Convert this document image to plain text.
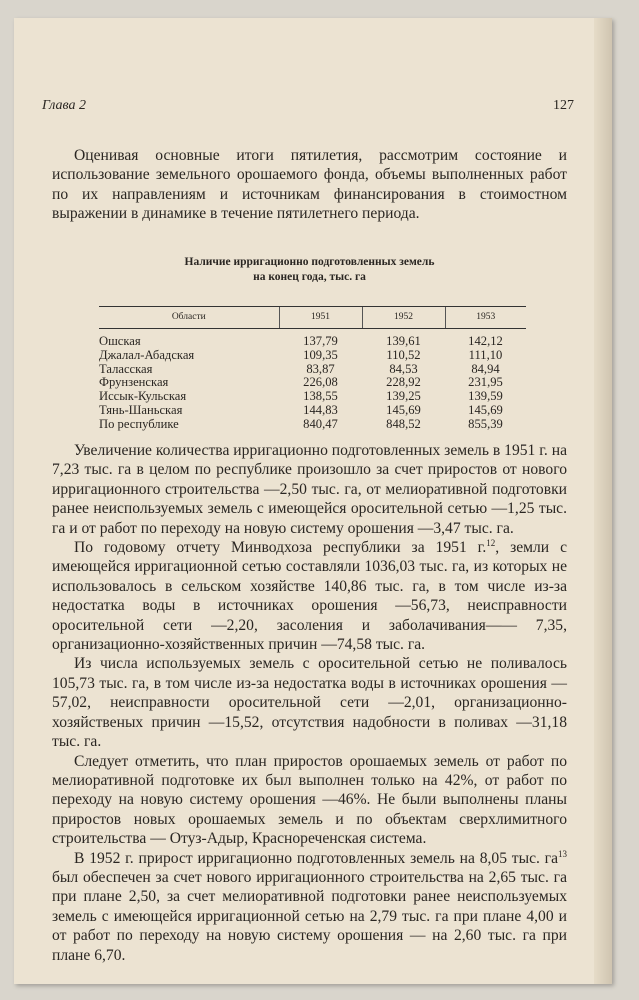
Глава 2	127

Оценивая основные итоги пятилетия, рассмотрим состояние и использование земельного орошаемого фонда, объемы выполненных работ по их направлениям и источникам финансирования в стоимостном выражении в динамике в течение пятилетнего периода.

Наличие ирригационно подготовленных земель
на конец года, тыс. га
Области	1951	1952	1953
Ошская	137,79	139,61	142,12
Джалал-Абадская	109,35	110,52	111,10
Таласская	83,87	84,53	84,94
Фрунзенская	226,08	228,92	231,95
Иссык-Кульская	138,55	139,25	139,59
Тянь-Шаньская	144,83	145,69	145,69
По республике	840,47	848,52	855,39

Увеличение количества ирригационно подготовленных земель в 1951 г. на 7,23 тыс. га в целом по республике произошло за счет приростов от нового ирригационного строительства —2,50 тыс. га, от мелиоративной подготовки ранее неиспользуемых земель с имеющейся оросительной сетью —1,25 тыс. га и от работ по переходу на новую систему орошения —3,47 тыс. га.

По годовому отчету Минводхоза республики за 1951 г.$^{12}$, земли с имеющейся ирригационной сетью составляли 1036,03 тыс. га, из которых не использовалось в сельском хозяйстве 140,86 тыс. га, в том числе из-за недостатка воды в источниках орошения —56,73, неисправности оросительной сети —2,20, засоления и заболачивания—— 7,35, организационно-хозяйственных причин —74,58 тыс. га.

Из числа используемых земель с оросительной сетью не поливалось 105,73 тыс. га, в том числе из-за недостатка воды в источниках орошения — 57,02, неисправности оросительной сети —2,01, организационно-хозяйственых причин —15,52, отсутствия надобности в поливах —31,18 тыс. га.

Следует отметить, что план приростов орошаемых земель от работ по мелиоративной подготовке их был выполнен только на 42%, от работ по переходу на новую систему орошения —46%. Не были выполнены планы приростов новых орошаемых земель и по объектам сверхлимитного строительства — Отуз-Адыр, Краснореченская система.

В 1952 г. прирост ирригационно подготовленных земель на 8,05 тыс. $га^{13}$ был обеспечен за счет нового ирригационного строительства на 2,65 тыс. га при плане 2,50, за счет мелиоративной подготовки ранее неиспользуемых земель с имеющейся ирригационной сетью на 2,79 тыс. га при плане 4,00 и от работ по переходу на новую систему орошения — на 2,60 тыс. га при плане 6,70.
